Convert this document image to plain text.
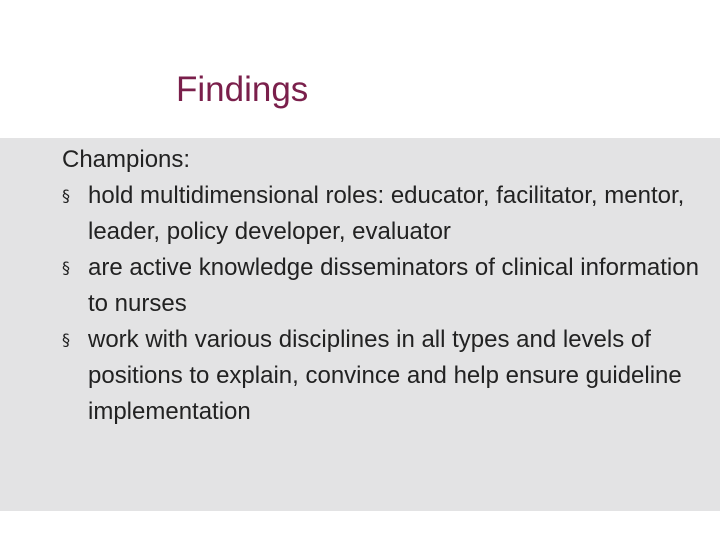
Findings

Champions:

§ hold multidimensional roles: educator, facilitator, mentor, leader, policy developer, evaluator
§ are active knowledge disseminators of clinical information to nurses
§ work with various disciplines in all types and levels of positions to explain, convince and help ensure guideline implementation
